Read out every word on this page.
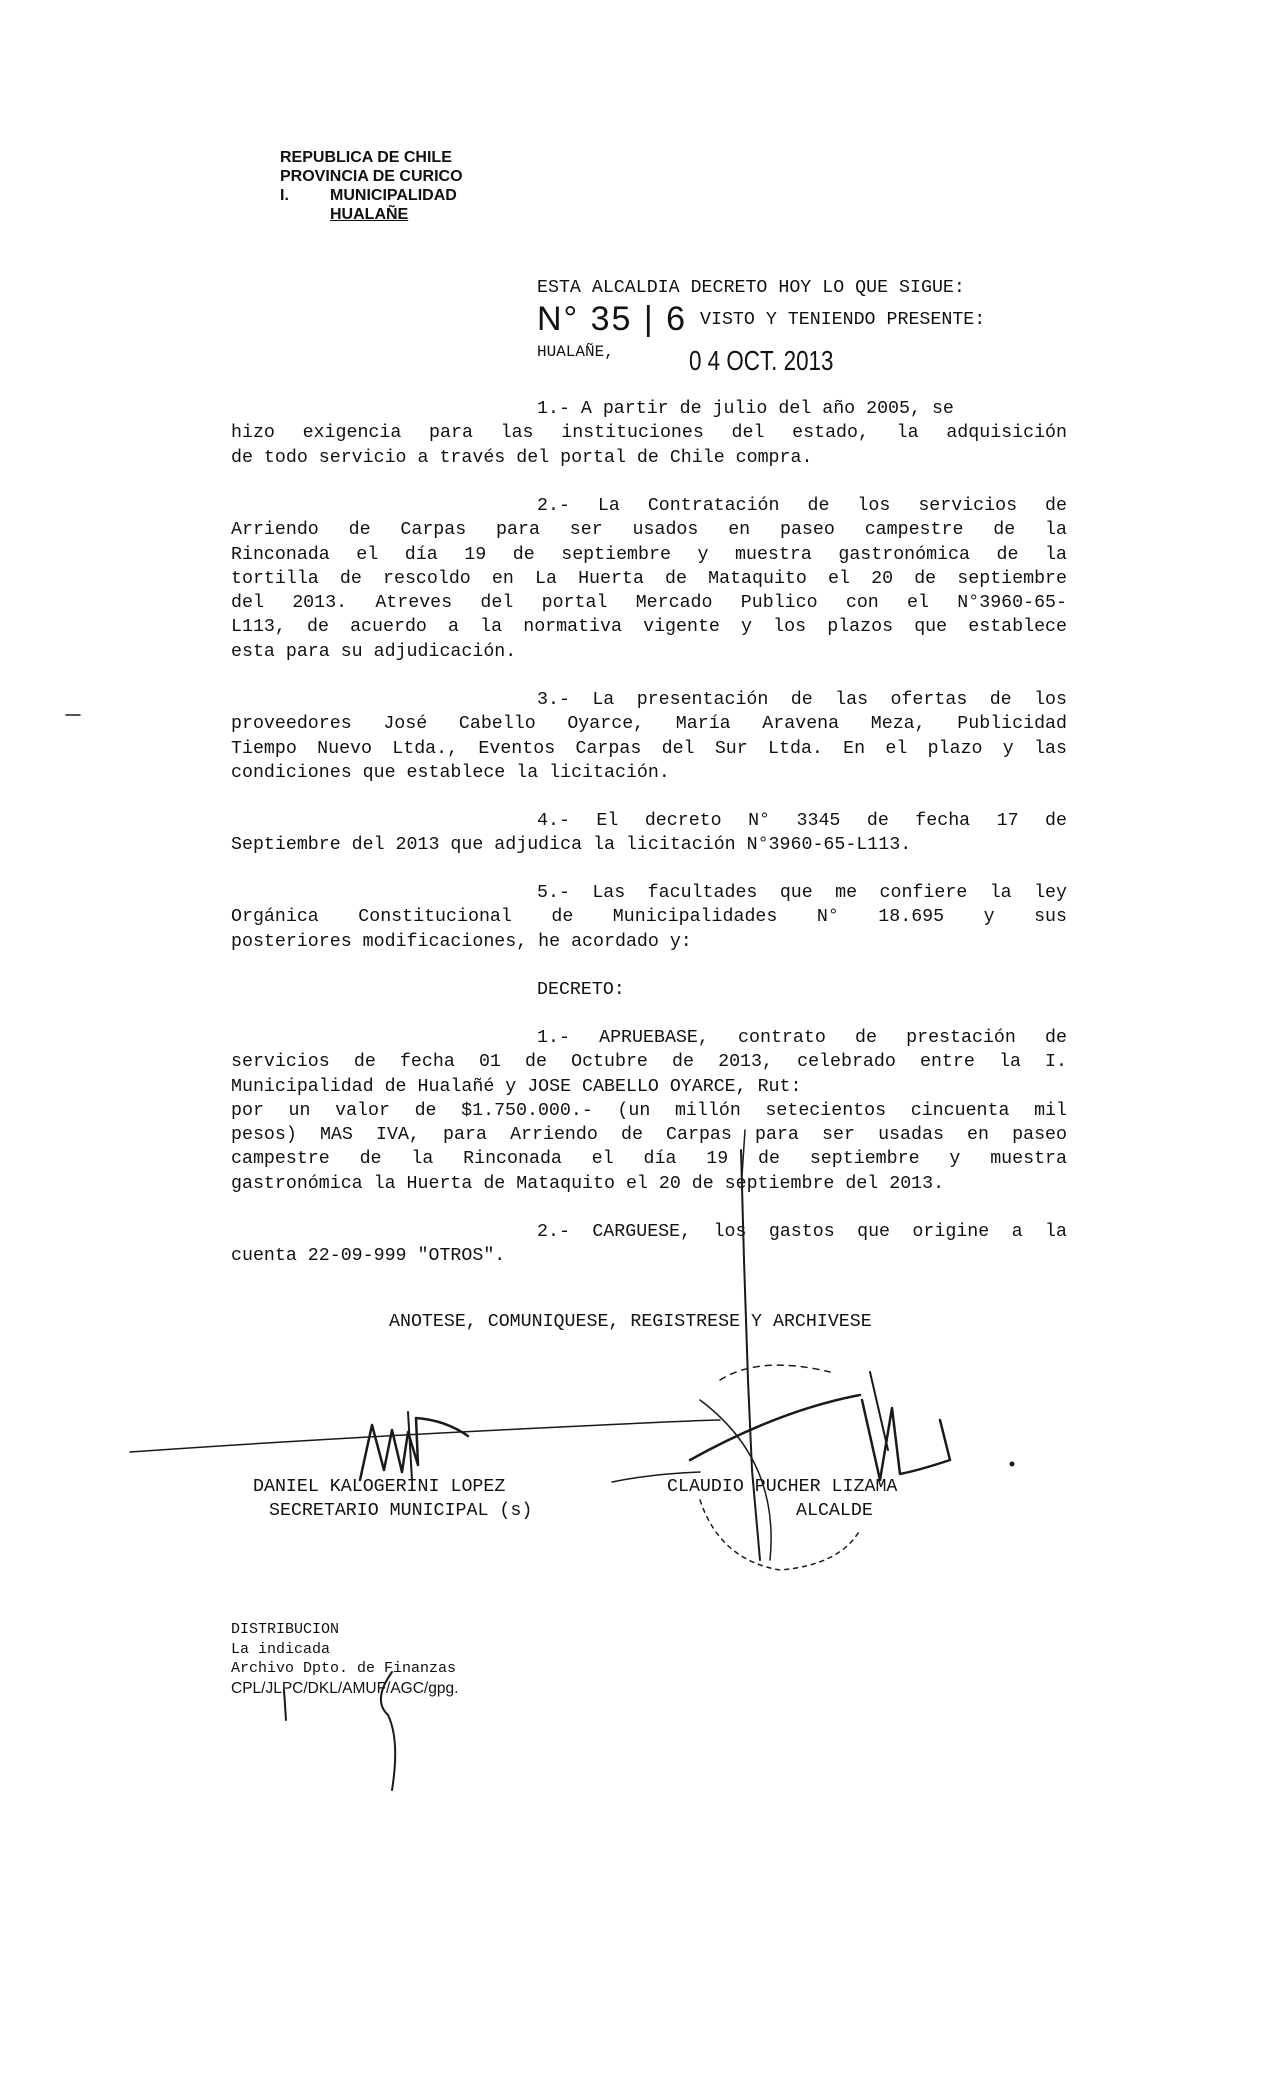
REPUBLICA DE CHILE
PROVINCIA DE CURICO
I.	MUNICIPALIDAD
HUALAÑE
ESTA ALCALDIA DECRETO HOY LO QUE SIGUE:
N° 35 | 6 VISTO Y TENIENDO PRESENTE:
HUALAÑE,	0 4 OCT. 2013
1.- A partir de julio del año 2005, se
hizo exigencia para las instituciones del estado, la adquisición
de todo servicio a través del portal de Chile compra.
2.- La Contratación de los servicios de
Arriendo de Carpas para ser usados en paseo campestre de la
Rinconada el día 19 de septiembre y muestra gastronómica de la
tortilla de rescoldo en La Huerta de Mataquito el 20 de septiembre
del 2013. Atreves del portal Mercado Publico con el N°3960-65-
L113, de acuerdo a la normativa vigente y los plazos que establece
esta para su adjudicación.
3.- La presentación de las ofertas de los
proveedores José Cabello Oyarce, María Aravena Meza, Publicidad
Tiempo Nuevo Ltda., Eventos Carpas del Sur Ltda. En el plazo y las
condiciones que establece la licitación.
4.- El decreto N° 3345 de fecha 17 de
Septiembre del 2013 que adjudica la licitación N°3960-65-L113.
5.- Las facultades que me confiere la ley
Orgánica Constitucional de Municipalidades N° 18.695 y sus
posteriores modificaciones, he acordado y:
DECRETO:
1.- APRUEBASE, contrato de prestación de
servicios de fecha 01 de Octubre de 2013, celebrado entre la I.
Municipalidad de Hualañé y JOSE CABELLO OYARCE, Rut:
por un valor de $1.750.000.- (un millón setecientos cincuenta mil
pesos) MAS IVA, para Arriendo de Carpas para ser usadas en paseo
campestre de la Rinconada el día 19 de septiembre y muestra
gastronómica la Huerta de Mataquito el 20 de septiembre del 2013.
2.- CARGUESE, los gastos que origine a la
cuenta 22-09-999 "OTROS".
ANOTESE, COMUNIQUESE, REGISTRESE Y ARCHIVESE
DANIEL KALOGERINI LOPEZ
SECRETARIO MUNICIPAL (s)
CLAUDIO PUCHER LIZAMA
ALCALDE
DISTRIBUCION
La indicada
Archivo Dpto. de Finanzas
CPL/JLPC/DKL/AMUF/AGC/gpg.
